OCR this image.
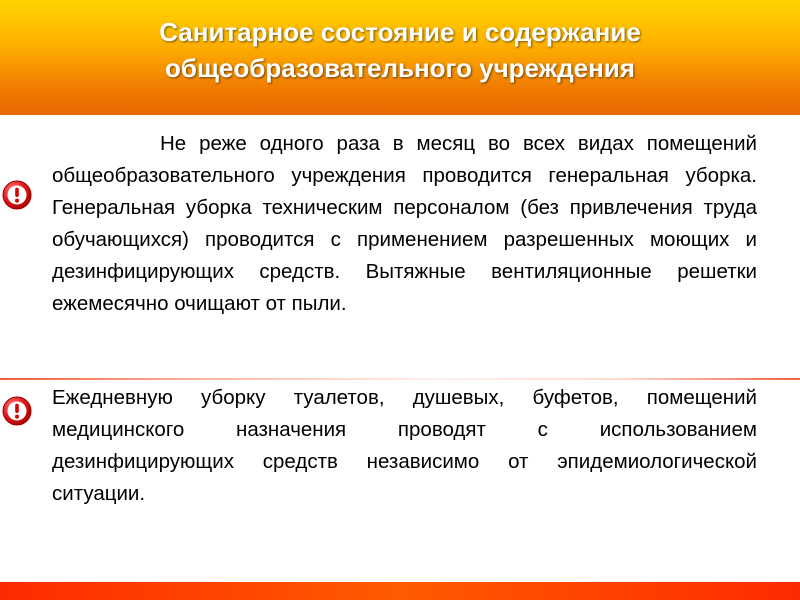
Санитарное состояние и содержание
общеобразовательного учреждения

Не реже одного раза в месяц во всех видах помещений общеобразовательного учреждения проводится генеральная уборка. Генеральная уборка техническим персоналом (без привлечения труда обучающихся) проводится с применением разрешенных моющих и дезинфицирующих средств. Вытяжные вентиляционные решетки ежемесячно очищают от пыли.

Ежедневную уборку туалетов, душевых, буфетов, помещений медицинского назначения проводят с использованием дезинфицирующих средств независимо от эпидемиологической ситуации.
